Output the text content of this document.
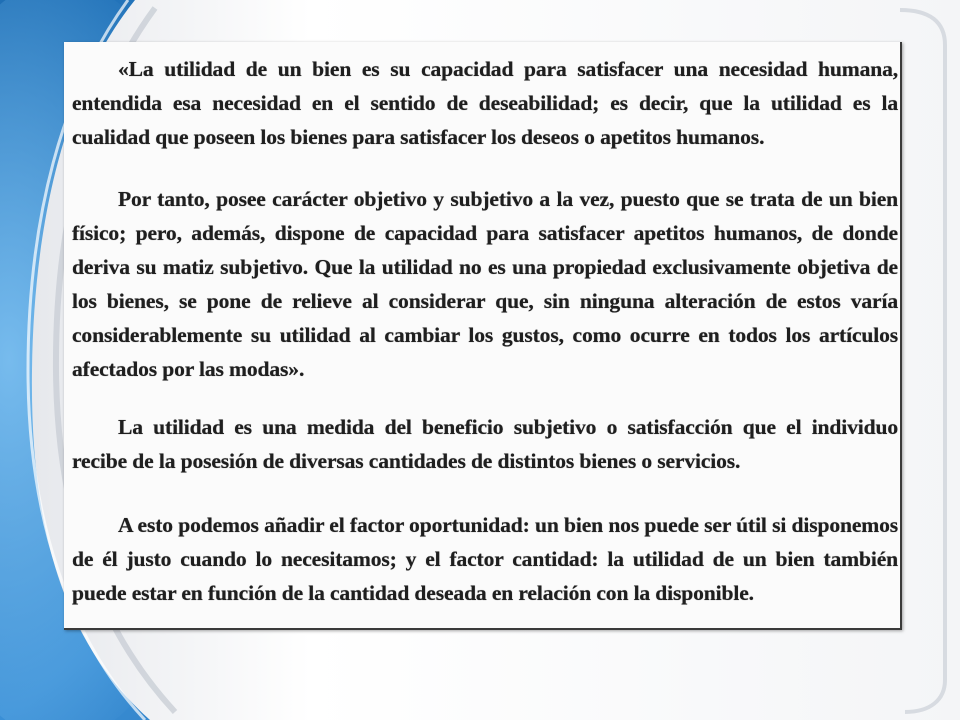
«La utilidad de un bien es su capacidad para satisfacer una necesidad humana, entendida esa necesidad en el sentido de deseabilidad; es decir, que la utilidad es la cualidad que poseen los bienes para satisfacer los deseos o apetitos humanos.

Por tanto, posee carácter objetivo y subjetivo a la vez, puesto que se trata de un bien físico; pero, además, dispone de capacidad para satisfacer apetitos humanos, de donde deriva su matiz subjetivo. Que la utilidad no es una propiedad exclusivamente objetiva de los bienes, se pone de relieve al considerar que, sin ninguna alteración de estos varía considerablemente su utilidad al cambiar los gustos, como ocurre en todos los artículos afectados por las modas».

La utilidad es una medida del beneficio subjetivo o satisfacción que el individuo recibe de la posesión de diversas cantidades de distintos bienes o servicios.

A esto podemos añadir el factor oportunidad: un bien nos puede ser útil si disponemos de él justo cuando lo necesitamos; y el factor cantidad: la utilidad de un bien también puede estar en función de la cantidad deseada en relación con la disponible.
